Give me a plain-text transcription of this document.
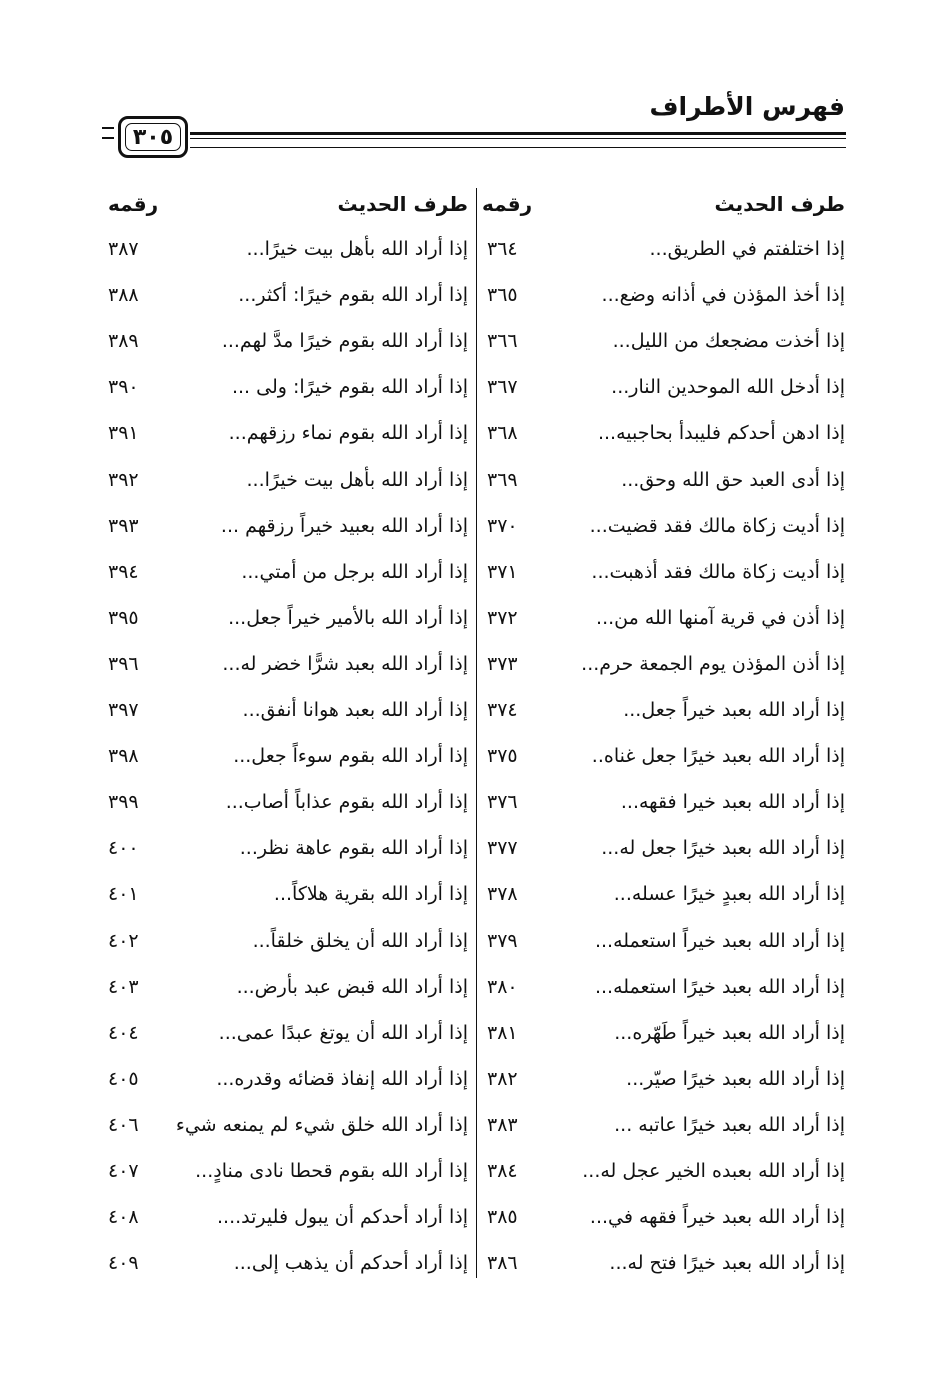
فهرس الأطراف
٣٠٥
طرف الحديث
رقمه
طرف الحديث
رقمه
إذا اختلفتم في الطريق...
٣٦٤
إذا أراد الله بأهل بيت خيرًا...
٣٨٧
إذا أخذ المؤذن في أذانه وضع...
٣٦٥
إذا أراد الله بقوم خيرًا: أكثر...
٣٨٨
إذا أخذت مضجعك من الليل...
٣٦٦
إذا أراد الله بقوم خيرًا مدَّ لهم...
٣٨٩
إذا أدخل الله الموحدين النار...
٣٦٧
إذا أراد الله بقوم خيرًا: ولى ...
٣٩٠
إذا ادهن أحدكم فليبدأ بحاجبيه...
٣٦٨
إذا أراد الله بقوم نماء رزقهم...
٣٩١
إذا أدى العبد حق الله وحق...
٣٦٩
إذا أراد الله بأهل بيت خيرًا...
٣٩٢
إذا أديت زكاة مالك فقد قضيت...
٣٧٠
إذا أراد الله بعبيد خيراً رزقهم ...
٣٩٣
إذا أديت زكاة مالك فقد أذهبت...
٣٧١
إذا أراد الله برجل من أمتي...
٣٩٤
إذا أذن في قرية آمنها الله من...
٣٧٢
إذا أراد الله بالأمير خيراً جعل...
٣٩٥
إذا أذن المؤذن يوم الجمعة حرم...
٣٧٣
إذا أراد الله بعبد شرًّا خضر له...
٣٩٦
إذا أراد الله بعبد خيراً جعل...
٣٧٤
إذا أراد الله بعبد هوانا أنفق...
٣٩٧
إذا أراد الله بعبد خيرًا جعل غناه..
٣٧٥
إذا أراد الله بقوم سوءاً جعل...
٣٩٨
إذا أراد الله بعبد خيرا فقهه...
٣٧٦
إذا أراد الله بقوم عذاباً أصاب...
٣٩٩
إذا أراد الله بعبد خيرًا جعل له...
٣٧٧
إذا أراد الله بقوم عاهة نظر...
٤٠٠
إذا أراد الله بعبدٍ خيرًا عسله...
٣٧٨
إذا أراد الله بقرية هلاكاً...
٤٠١
إذا أراد الله بعبد خيراً استعمله...
٣٧٩
إذا أراد الله أن يخلق خلقاً...
٤٠٢
إذا أراد الله بعبد خيرًا استعمله...
٣٨٠
إذا أراد الله قبض عبد بأرض...
٤٠٣
إذا أراد الله بعبد خيراً طَهّره...
٣٨١
إذا أراد الله أن يوتغ عبدًا عمى...
٤٠٤
إذا أراد الله بعبد خيرًا صيّر...
٣٨٢
إذا أراد الله إنفاذ قضائه وقدره...
٤٠٥
إذا أراد الله بعبد خيرًا عاتبه ...
٣٨٣
إذا أراد الله خلق شيء لم يمنعه شيء
٤٠٦
إذا أراد الله بعبده الخير عجل له...
٣٨٤
إذا أراد الله بقوم قحطا نادى منادٍ...
٤٠٧
إذا أراد الله بعبد خيراً فقهه في...
٣٨٥
إذا أراد أحدكم أن يبول فليرتد....
٤٠٨
إذا أراد الله بعبد خيرًا فتح له...
٣٨٦
إذا أراد أحدكم أن يذهب إلى...
٤٠٩
